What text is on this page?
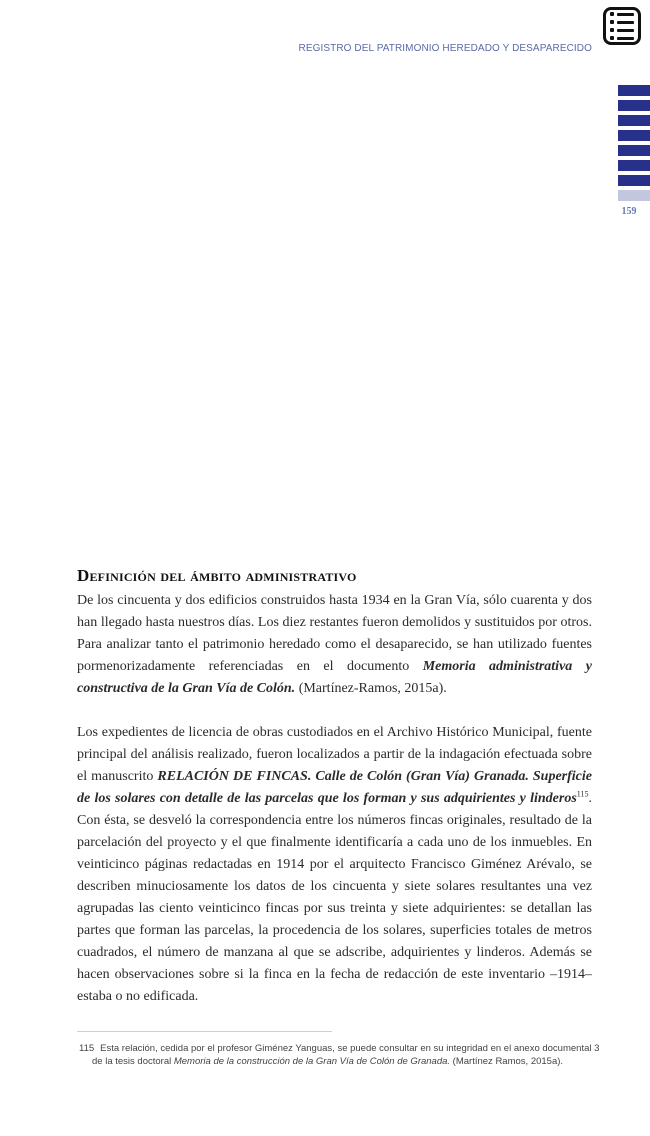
REGISTRO DEL PATRIMONIO HEREDADO Y DESAPARECIDO
159
Definición del ámbito administrativo

De los cincuenta y dos edificios construidos hasta 1934 en la Gran Vía, sólo cuarenta y dos han llegado hasta nuestros días. Los diez restantes fueron demolidos y sustituidos por otros. Para analizar tanto el patrimonio heredado como el desaparecido, se han utilizado fuentes pormenorizadamente referenciadas en el documento Memoria administrativa y constructiva de la Gran Vía de Colón. (Martínez-Ramos, 2015a).

Los expedientes de licencia de obras custodiados en el Archivo Histórico Municipal, fuente principal del análisis realizado, fueron localizados a partir de la indagación efectuada sobre el manuscrito RELACIÓN DE FINCAS. Calle de Colón (Gran Vía) Granada. Superficie de los solares con detalle de las parcelas que los forman y sus adquirientes y linderos$^{115}$. Con ésta, se desveló la correspondencia entre los números fincas originales, resultado de la parcelación del proyecto y el que finalmente identificaría a cada uno de los inmuebles. En veinticinco páginas redactadas en 1914 por el arquitecto Francisco Giménez Arévalo, se describen minuciosamente los datos de los cincuenta y siete solares resultantes una vez agrupadas las ciento veinticinco fincas por sus treinta y siete adquirientes: se detallan las partes que forman las parcelas, la procedencia de los solares, superficies totales de metros cuadrados, el número de manzana al que se adscribe, adquirientes y linderos. Además se hacen observaciones sobre si la finca en la fecha de redacción de este inventario –1914– estaba o no edificada.

115 Esta relación, cedida por el profesor Giménez Yanguas, se puede consultar en su integridad en el anexo documental 3 de la tesis doctoral Memoria de la construcción de la Gran Vía de Colón de Granada. (Martínez Ramos, 2015a).
